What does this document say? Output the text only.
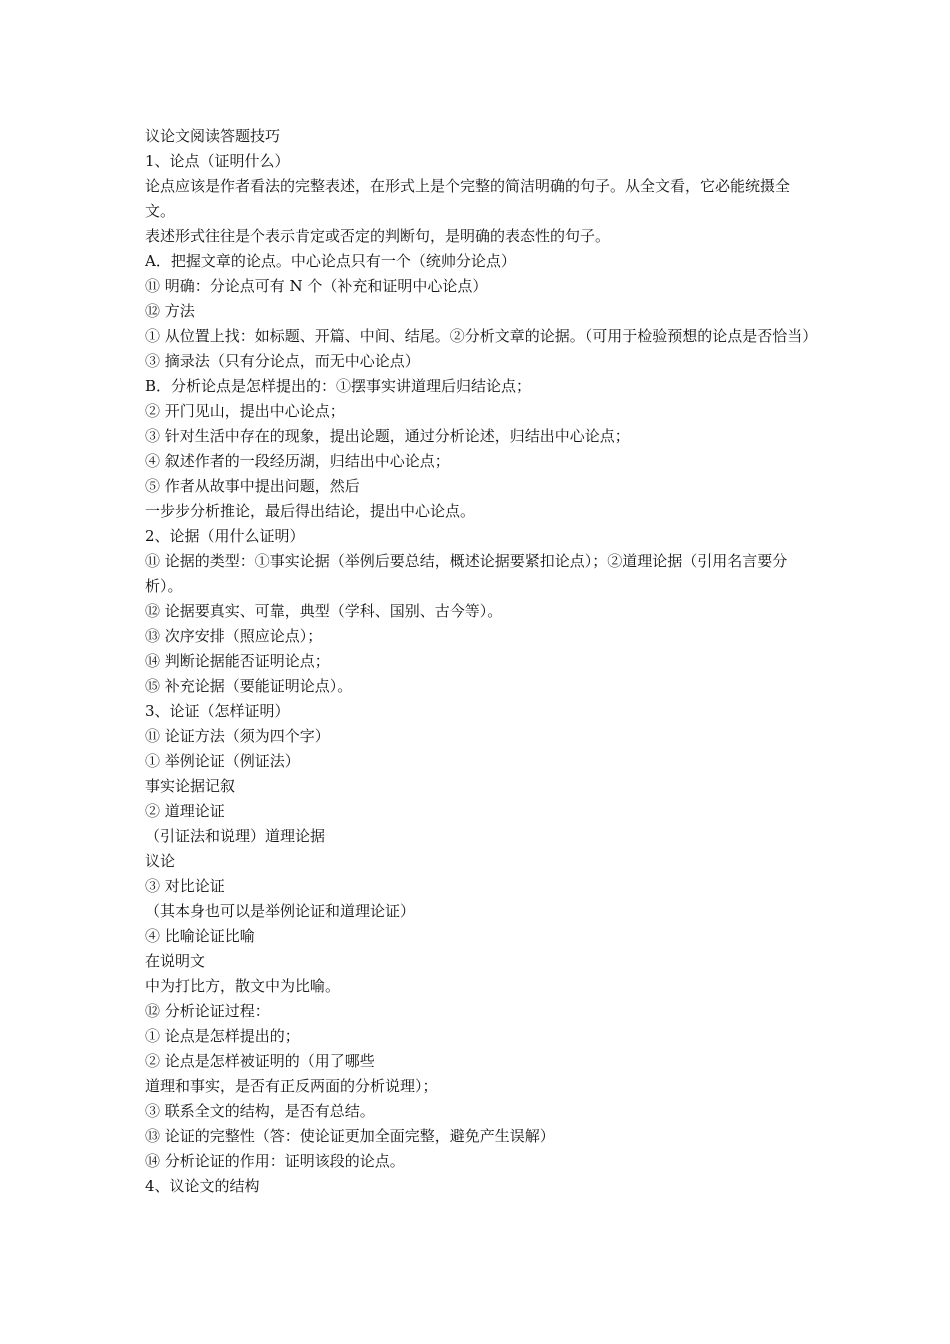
议论文阅读答题技巧
1、论点（证明什么）
论点应该是作者看法的完整表述，在形式上是个完整的简洁明确的句子。从全文看，它必能统摄全文。
表述形式往往是个表示肯定或否定的判断句，是明确的表态性的句子。
A．把握文章的论点。中心论点只有一个（统帅分论点）
⑪ 明确：分论点可有 N 个（补充和证明中心论点）
⑫ 方法
① 从位置上找：如标题、开篇、中间、结尾。②分析文章的论据。（可用于检验预想的论点是否恰当）
③ 摘录法（只有分论点，而无中心论点）
B．分析论点是怎样提出的：①摆事实讲道理后归结论点；
② 开门见山，提出中心论点；
③ 针对生活中存在的现象，提出论题，通过分析论述，归结出中心论点；
④ 叙述作者的一段经历湖，归结出中心论点；
⑤ 作者从故事中提出问题，然后
一步步分析推论，最后得出结论，提出中心论点。
2、论据（用什么证明）
⑪ 论据的类型：①事实论据（举例后要总结，概述论据要紧扣论点）；②道理论据（引用名言要分析）。
⑫ 论据要真实、可靠，典型（学科、国别、古今等）。
⑬ 次序安排（照应论点）；
⑭ 判断论据能否证明论点；
⑮ 补充论据（要能证明论点）。
3、论证（怎样证明）
⑪ 论证方法（须为四个字）
① 举例论证（例证法）
事实论据记叙
② 道理论证
（引证法和说理）道理论据
议论
③ 对比论证
（其本身也可以是举例论证和道理论证）
④ 比喻论证比喻
在说明文
中为打比方，散文中为比喻。
⑫ 分析论证过程：
① 论点是怎样提出的；
② 论点是怎样被证明的（用了哪些
道理和事实，是否有正反两面的分析说理）；
③ 联系全文的结构，是否有总结。
⑬ 论证的完整性（答：使论证更加全面完整，避免产生误解）
⑭ 分析论证的作用：证明该段的论点。
4、议论文的结构
